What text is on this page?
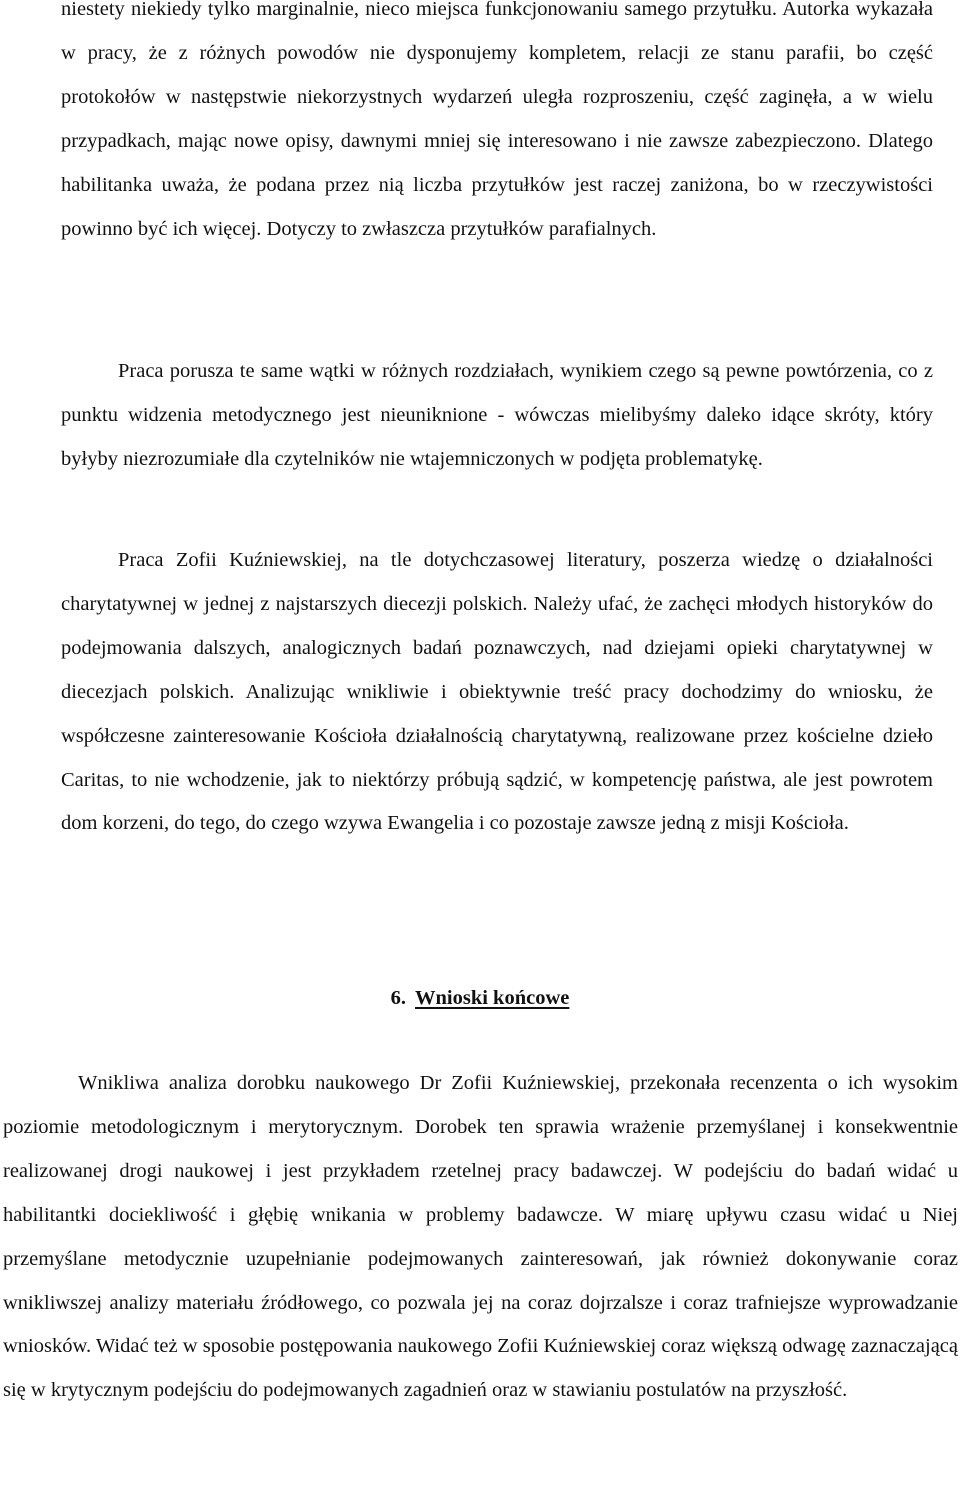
niestety niekiedy tylko marginalnie, nieco miejsca funkcjonowaniu samego przytułku. Autorka wykazała w pracy, że z różnych powodów nie dysponujemy kompletem, relacji ze stanu parafii, bo część protokołów w następstwie niekorzystnych wydarzeń uległa rozproszeniu, część zaginęła, a w wielu przypadkach, mając nowe opisy, dawnymi mniej się interesowano i nie zawsze zabezpieczono. Dlatego habilitanka uważa, że podana przez nią liczba przytułków jest raczej zaniżona, bo w rzeczywistości powinno być ich więcej. Dotyczy to zwłaszcza przytułków parafialnych.

Praca porusza te same wątki w różnych rozdziałach, wynikiem czego są pewne powtórzenia, co z punktu widzenia metodycznego jest nieuniknione - wówczas mielibyśmy daleko idące skróty, który byłyby niezrozumiałe dla czytelników nie wtajemniczonych w podjęta problematykę.

Praca Zofii Kuźniewskiej, na tle dotychczasowej literatury, poszerza wiedzę o działalności charytatywnej w jednej z najstarszych diecezji polskich. Należy ufać, że zachęci młodych historyków do podejmowania dalszych, analogicznych badań poznawczych, nad dziejami opieki charytatywnej w diecezjach polskich. Analizując wnikliwie i obiektywnie treść pracy dochodzimy do wniosku, że współczesne zainteresowanie Kościoła działalnością charytatywną, realizowane przez kościelne dzieło Caritas, to nie wchodzenie, jak to niektórzy próbują sądzić, w kompetencję państwa, ale jest powrotem dom korzeni, do tego, do czego wzywa Ewangelia i co pozostaje zawsze jedną z misji Kościoła.

6. Wnioski końcowe

Wnikliwa analiza dorobku naukowego Dr Zofii Kuźniewskiej, przekonała recenzenta o ich wysokim poziomie metodologicznym i merytorycznym. Dorobek ten sprawia wrażenie przemyślanej i konsekwentnie realizowanej drogi naukowej i jest przykładem rzetelnej pracy badawczej. W podejściu do badań widać u habilitantki dociekliwość i głębię wnikania w problemy badawcze. W miarę upływu czasu widać u Niej przemyślane metodycznie uzupełnianie podejmowanych zainteresowań, jak również dokonywanie coraz wnikliwszej analizy materiału źródłowego, co pozwala jej na coraz dojrzalsze i coraz trafniejsze wyprowadzanie wniosków. Widać też w sposobie postępowania naukowego Zofii Kuźniewskiej coraz większą odwagę zaznaczającą się w krytycznym podejściu do podejmowanych zagadnień oraz w stawianiu postulatów na przyszłość.
